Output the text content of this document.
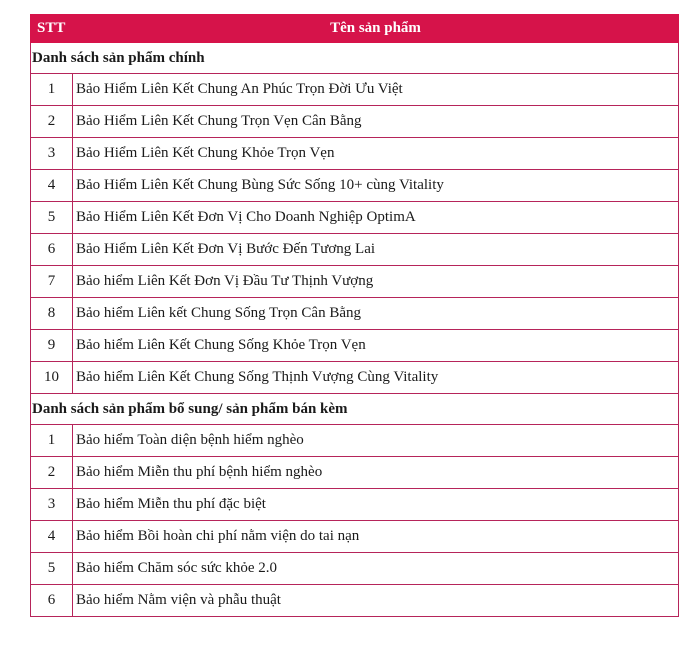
STT	Tên sản phẩm
Danh sách sản phẩm chính	
1	Bảo Hiểm Liên Kết Chung An Phúc Trọn Đời Ưu Việt
2	Bảo Hiểm Liên Kết Chung Trọn Vẹn Cân Bằng
3	Bảo Hiểm Liên Kết Chung Khỏe Trọn Vẹn
4	Bảo Hiểm Liên Kết Chung Bùng Sức Sống 10+ cùng Vitality
5	Bảo Hiểm Liên Kết Đơn Vị Cho Doanh Nghiệp OptimA
6	Bảo Hiểm Liên Kết Đơn Vị Bước Đến Tương Lai
7	Bảo hiểm Liên Kết Đơn Vị Đầu Tư Thịnh Vượng
8	Bảo hiểm Liên kết Chung Sống Trọn Cân Bằng
9	Bảo hiểm Liên Kết Chung Sống Khỏe Trọn Vẹn
10	Bảo hiểm Liên Kết Chung Sống Thịnh Vượng Cùng Vitality
Danh sách sản phẩm bổ sung/ sản phẩm bán kèm	
1	Bảo hiểm Toàn diện bệnh hiểm nghèo
2	Bảo hiểm Miễn thu phí bệnh hiểm nghèo
3	Bảo hiểm Miễn thu phí đặc biệt
4	Bảo hiểm Bồi hoàn chi phí nằm viện do tai nạn
5	Bảo hiểm Chăm sóc sức khỏe 2.0
6	Bảo hiểm Nằm viện và phẫu thuật
